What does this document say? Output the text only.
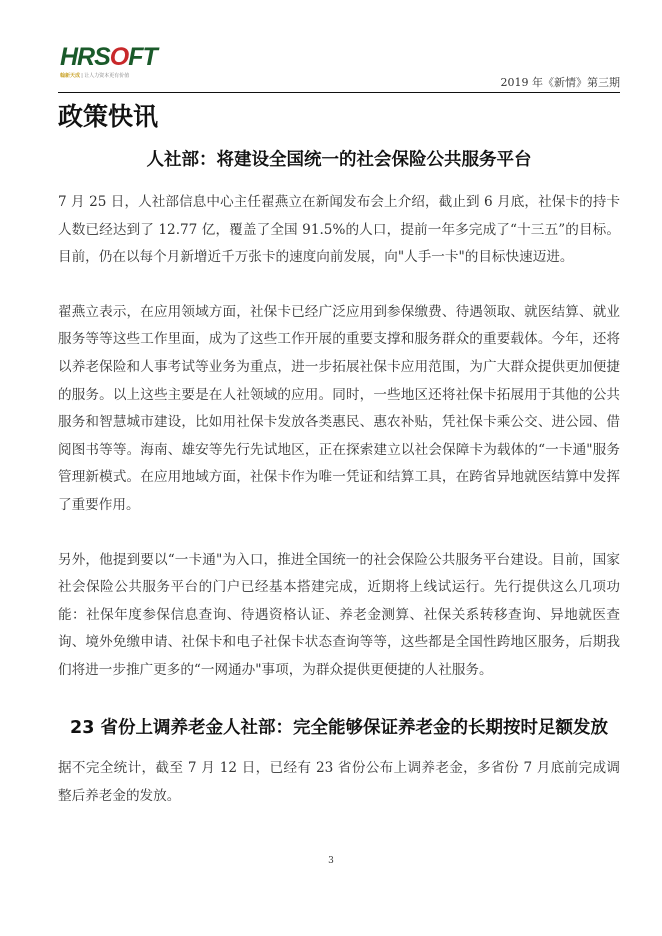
HRSOFT
翰新天成 | 让人力资本更有价值	2019 年《新情》第三期
政策快讯
人社部：将建设全国统一的社会保险公共服务平台

7 月 25 日，人社部信息中心主任翟燕立在新闻发布会上介绍，截止到 6 月底，社保卡的持卡人数已经达到了 12.77 亿，覆盖了全国 91.5%的人口，提前一年多完成了“十三五”的目标。目前，仍在以每个月新增近千万张卡的速度向前发展，向"人手一卡"的目标快速迈进。

翟燕立表示，在应用领域方面，社保卡已经广泛应用到参保缴费、待遇领取、就医结算、就业服务等等这些工作里面，成为了这些工作开展的重要支撑和服务群众的重要载体。今年，还将以养老保险和人事考试等业务为重点，进一步拓展社保卡应用范围，为广大群众提供更加便捷的服务。以上这些主要是在人社领域的应用。同时，一些地区还将社保卡拓展用于其他的公共服务和智慧城市建设，比如用社保卡发放各类惠民、惠农补贴，凭社保卡乘公交、进公园、借阅图书等等。海南、雄安等先行先试地区，正在探索建立以社会保障卡为载体的“一卡通"服务管理新模式。在应用地域方面，社保卡作为唯一凭证和结算工具，在跨省异地就医结算中发挥了重要作用。

另外，他提到要以“一卡通"为入口，推进全国统一的社会保险公共服务平台建设。目前，国家社会保险公共服务平台的门户已经基本搭建完成，近期将上线试运行。先行提供这么几项功能：社保年度参保信息查询、待遇资格认证、养老金测算、社保关系转移查询、异地就医查询、境外免缴申请、社保卡和电子社保卡状态查询等等，这些都是全国性跨地区服务，后期我们将进一步推广更多的“一网通办"事项，为群众提供更便捷的人社服务。

23 省份上调养老金人社部：完全能够保证养老金的长期按时足额发放

据不完全统计，截至 7 月 12 日，已经有 23 省份公布上调养老金，多省份 7 月底前完成调整后养老金的发放。

3
